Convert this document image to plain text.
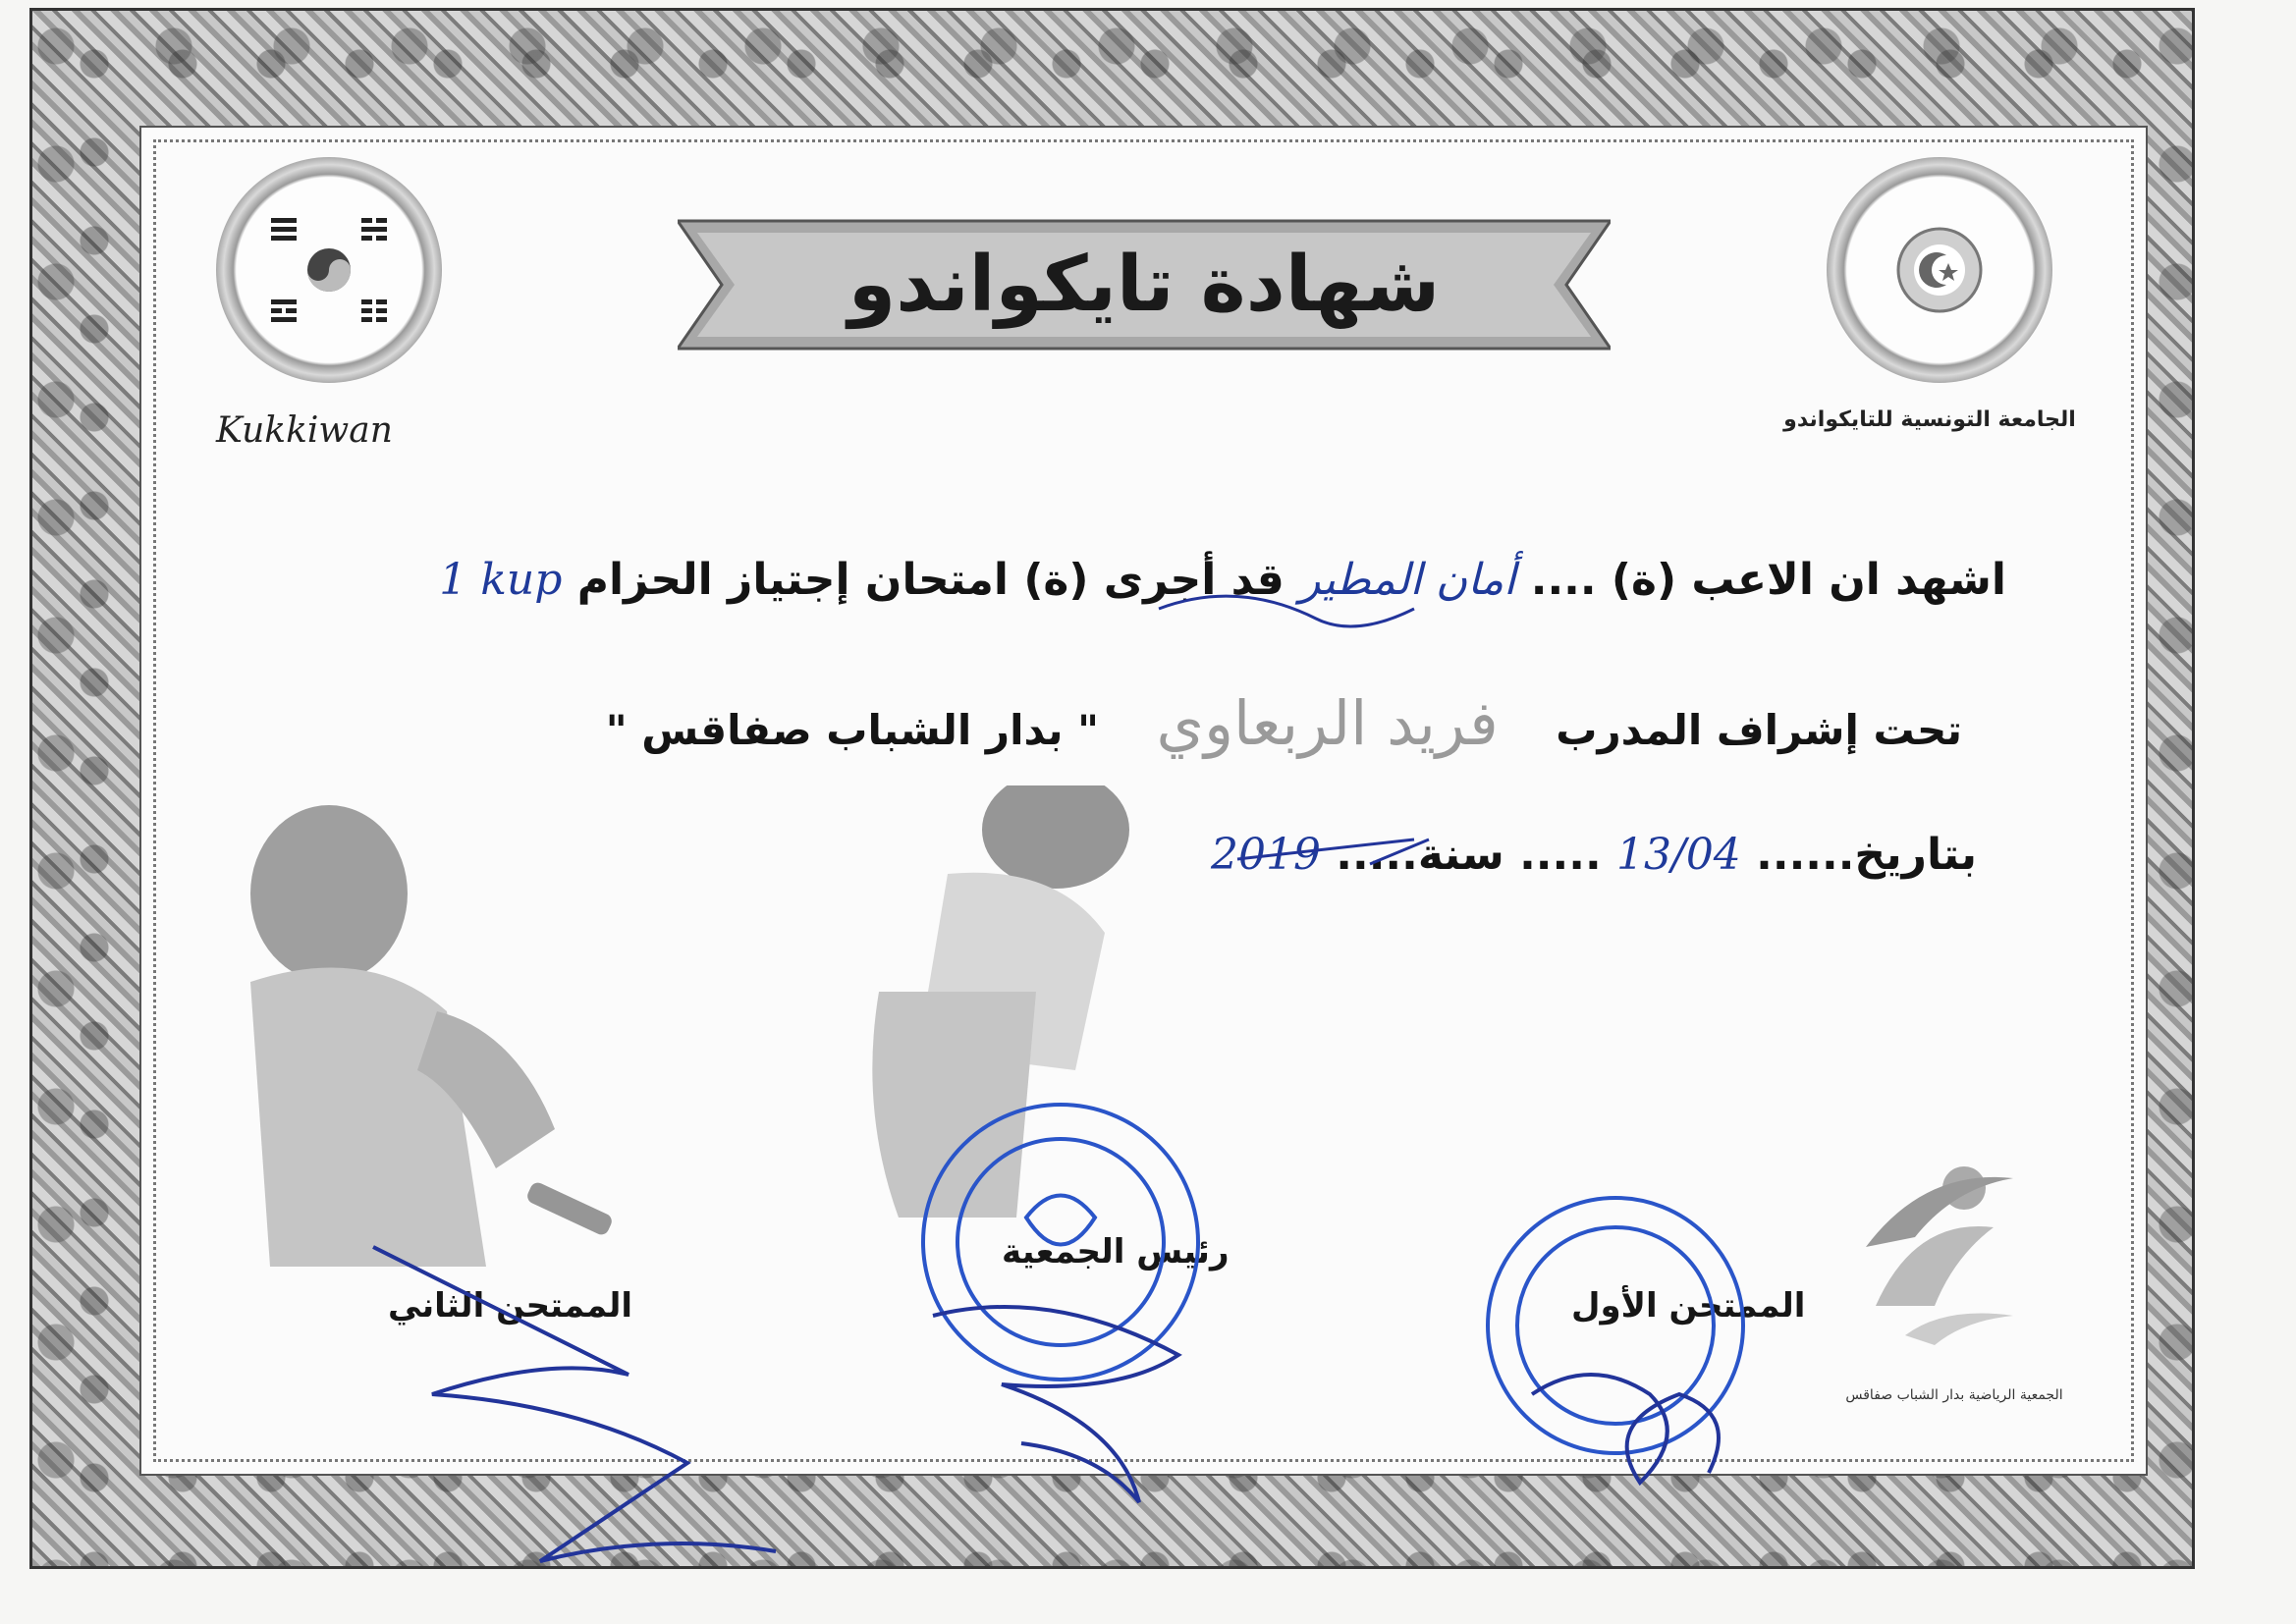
Kukkiwan	الجامعة التونسية للتايكواندو
شهادة تايكواندو
اشهد ان الاعب (ة) .... أمان المطير قد أجرى (ة) امتحان إجتياز الحزام 1 kup
تحت إشراف المدرب    فريد الربعاوي    " بدار الشباب صفاقس "
بتاريخ...... 13/04 ..... سنة..... 2019
الممتحن الثاني
رئيس الجمعية
الممتحن الأول
الجمعية الرياضية بدار الشباب صفاقس
